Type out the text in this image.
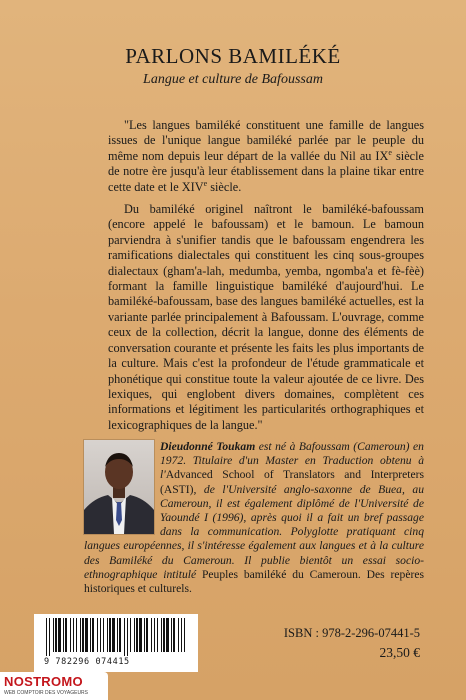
PARLONS BAMILÉKÉ
Langue et culture de Bafoussam

"Les langues bamiléké constituent une famille de langues issues de l'unique langue bamiléké parlée par le peuple du même nom depuis leur départ de la vallée du Nil au IXe siècle de notre ère jusqu'à leur établissement dans la plaine tikar entre cette date et le XIVe siècle.

Du bamiléké originel naîtront le bamiléké-bafoussam (encore appelé le bafoussam) et le bamoun. Le bamoun parviendra à s'unifier tandis que le bafoussam engendrera les ramifications dialectales qui constituent les cinq sous-groupes dialectaux (gham'a-lah, medumba, yemba, ngomba'a et fè-fèè) formant la famille linguistique bamiléké d'aujourd'hui. Le bamiléké-bafoussam, base des langues bamiléké actuelles, est la variante parlée principalement à Bafoussam. L'ouvrage, comme ceux de la collection, décrit la langue, donne des éléments de conversation courante et présente les faits les plus importants de la culture. Mais c'est la profondeur de l'étude grammaticale et phonétique qui constitue toute la valeur ajoutée de ce livre. Des lexiques, qui englobent divers domaines, complètent ces informations et légitiment les particularités orthographiques et lexicographiques de la langue."

Dieudonné Toukam est né à Bafoussam (Cameroun) en 1972. Titulaire d'un Master en Traduction obtenu à l'Advanced School of Translators and Interpreters (ASTI), de l'Université anglo-saxonne de Buea, au Cameroun, il est également diplômé de l'Université de Yaoundé I (1996), après quoi il a fait un bref passage dans la communication. Polyglotte pratiquant cinq langues européennes, il s'intéresse également aux langues et à la culture des Bamiléké du Cameroun. Il publie bientôt un essai socio-ethnographique intitulé Peuples bamiléké du Cameroun. Des repères historiques et culturels.
9 782296 074415
ISBN : 978-2-296-07441-5
23,50 €
NOSTROMO
WEB COMPTOIR DES VOYAGEURS
